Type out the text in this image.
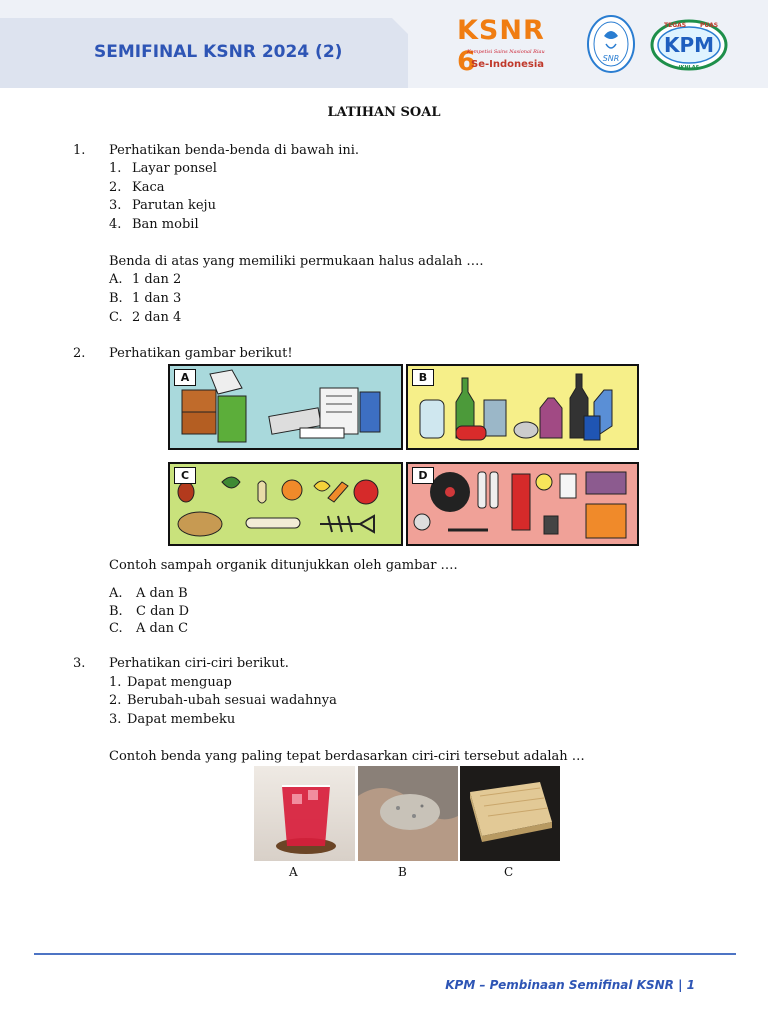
SEMIFINAL KSNR 2024 (2)
KSNR 6
Kompetisi Sains Nasional Riau
Se-Indonesia
SNR
TEGAS PUAS
KPM
IKHLAS
LATIHAN SOAL
1. Perhatikan benda-benda di bawah ini.
1. Layar ponsel
2. Kaca
3. Parutan keju
4. Ban mobil
Benda di atas yang memiliki permukaan halus adalah ….
A. 1 dan 2
B. 1 dan 3
C. 2 dan 4
2. Perhatikan gambar berikut!
A	B
C	D
Contoh sampah organik ditunjukkan oleh gambar ….
A. A dan B
B. C dan D
C. A dan C
3. Perhatikan ciri-ciri berikut.
1. Dapat menguap
2. Berubah-ubah sesuai wadahnya
3. Dapat membeku
Contoh benda yang paling tepat berdasarkan ciri-ciri tersebut adalah …
A	B	C
KPM – Pembinaan Semifinal KSNR | 1
